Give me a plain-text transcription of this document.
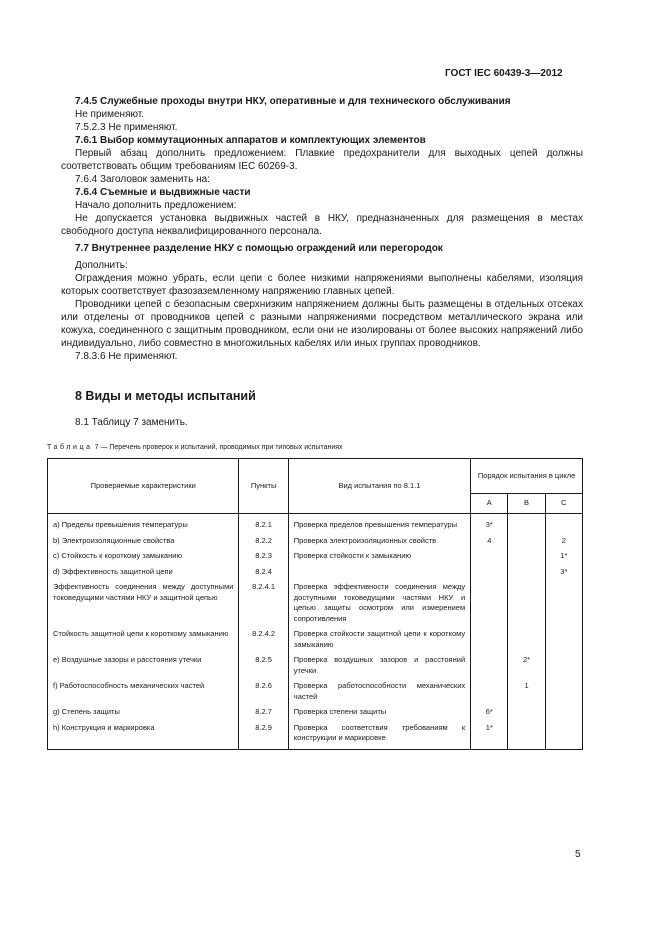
ГОСТ IEC 60439-3—2012

7.4.5 Служебные проходы внутри НКУ, оперативные и для технического обслуживания

Не применяют.

7.5.2.3 Не применяют.

7.6.1 Выбор коммутационных аппаратов и комплектующих элементов

Первый абзац дополнить предложением: Плавкие предохранители для выходных цепей должны соответствовать общим требованиям IEC 60269-3.

7.6.4 Заголовок заменить на:

7.6.4 Съемные и выдвижные части

Начало дополнить предложением:

Не допускается установка выдвижных частей в НКУ, предназначенных для размещения в местах свободного доступа неквалифицированного персонала.

7.7 Внутреннее разделение НКУ с помощью ограждений или перегородок

Дополнить:

Ограждения можно убрать, если цепи с более низкими напряжениями выполнены кабелями, изоляция которых соответствует фазозаземленному напряжению главных цепей.

Проводники цепей с безопасным сверхнизким напряжением должны быть размещены в отдельных отсеках или отделены от проводников цепей с разными напряжениями посредством металлического экрана или кожуха, соединенного с защитным проводником, если они не изолированы от более высоких напряжений либо индивидуально, либо совместно в многожильных кабелях или иных группах проводников.

7.8.3.6 Не применяют.

8 Виды и методы испытаний
8.1 Таблицу 7 заменить.
Таблица 7 — Перечень проверок и испытаний, проводимых при типовых испытаниях
Проверяемые характеристики	Пункты	Вид испытания по 8.1.1	Порядок испытания в цикле		
			A	B	C
a) Пределы превышения температуры	8.2.1	Проверка пределов превышения температуры	3*		
b) Электроизоляционные свойства	8.2.2	Проверка электроизоляционных свойств	4		2
c) Стойкость к короткому замыканию	8.2.3	Проверка стойкости к замыканию			1*
d) Эффективность защитной цепи	8.2.4				3*
Эффективность соединения между доступными токоведущими частями НКУ и защитной цепью	8.2.4.1	Проверка эффективности соединения между доступными токоведущими частями НКУ и цепью защиты осмотром или измерением сопротивления			
Стойкость защитной цепи к короткому замыканию	8.2.4.2	Проверка стойкости защитной цепи к короткому замыканию			
e) Воздушные зазоры и расстояния утечки	8.2.5	Проверка воздушных зазоров и расстояний утечки		2*	
f) Работоспособность механических частей	8.2.6	Проверка работоспособности механических частей		1	
g) Степень защиты	8.2.7	Проверка степени защиты	6*		
h) Конструкция и маркировка	8.2.9	Проверка соответствия требованиям к конструкции и маркировке	1*		
5
